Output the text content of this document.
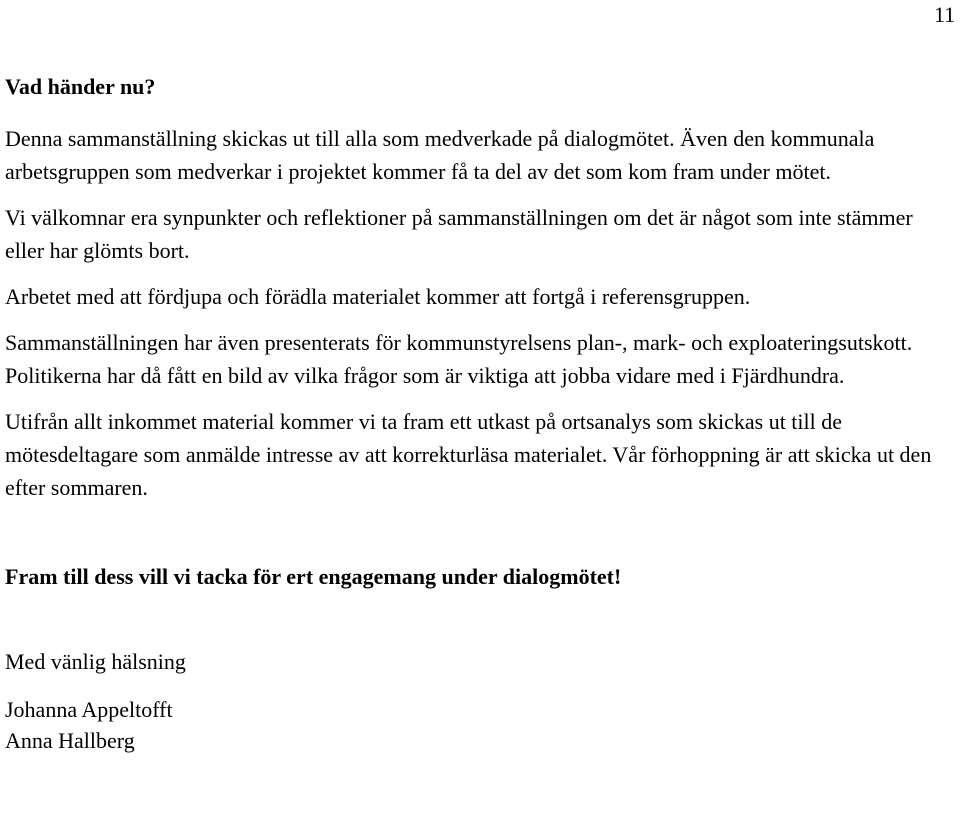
11
Vad händer nu?

Denna sammanställning skickas ut till alla som medverkade på dialogmötet. Även den kommunala arbetsgruppen som medverkar i projektet kommer få ta del av det som kom fram under mötet.

Vi välkomnar era synpunkter och reflektioner på sammanställningen om det är något som inte stämmer eller har glömts bort.

Arbetet med att fördjupa och förädla materialet kommer att fortgå i referensgruppen.

Sammanställningen har även presenterats för kommunstyrelsens plan-, mark- och exploateringsutskott. Politikerna har då fått en bild av vilka frågor som är viktiga att jobba vidare med i Fjärdhundra.

Utifrån allt inkommet material kommer vi ta fram ett utkast på ortsanalys som skickas ut till de mötesdeltagare som anmälde intresse av att korrekturläsa materialet. Vår förhoppning är att skicka ut den efter sommaren.

Fram till dess vill vi tacka för ert engagemang under dialogmötet!
Med vänlig hälsning
Johanna Appeltofft
Anna Hallberg
